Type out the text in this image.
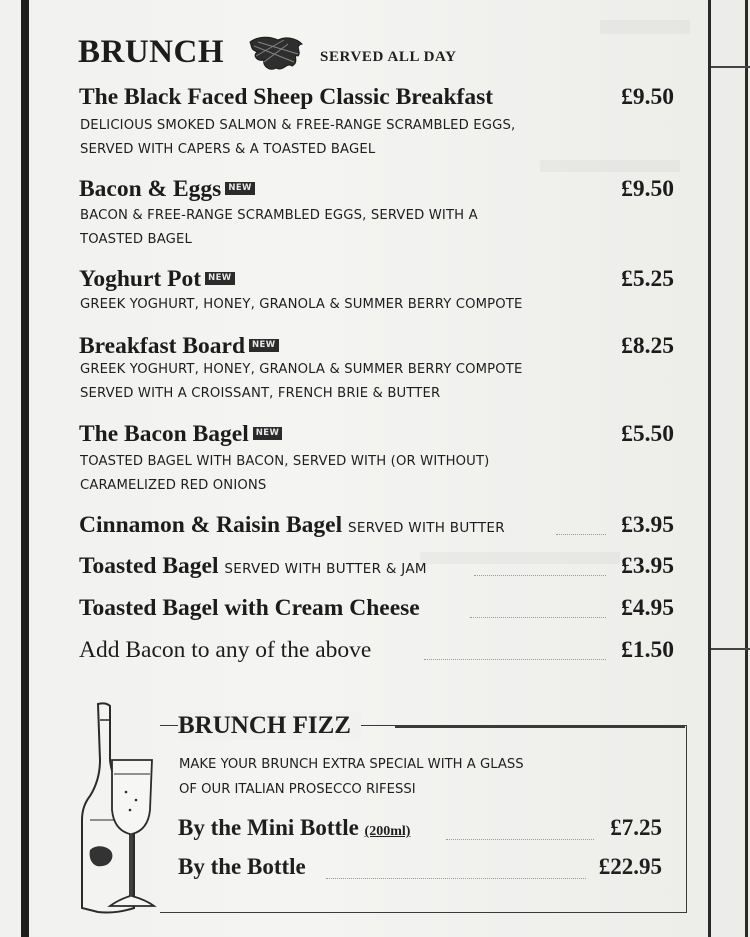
BRUNCH	SERVED ALL DAY
The Black Faced Sheep Classic Breakfast	£9.50
DELICIOUS SMOKED SALMON & FREE-RANGE SCRAMBLED EGGS,
SERVED WITH CAPERS & A TOASTED BAGEL
Bacon & Eggs NEW	£9.50
BACON & FREE-RANGE SCRAMBLED EGGS, SERVED WITH A
TOASTED BAGEL
Yoghurt Pot NEW	£5.25
GREEK YOGHURT, HONEY, GRANOLA & SUMMER BERRY COMPOTE
Breakfast Board NEW	£8.25
GREEK YOGHURT, HONEY, GRANOLA & SUMMER BERRY COMPOTE
SERVED WITH A CROISSANT, FRENCH BRIE & BUTTER
The Bacon Bagel NEW	£5.50
TOASTED BAGEL WITH BACON, SERVED WITH (OR WITHOUT)
CARAMELIZED RED ONIONS
Cinnamon & Raisin Bagel SERVED WITH BUTTER	£3.95
Toasted Bagel SERVED WITH BUTTER & JAM	£3.95
Toasted Bagel with Cream Cheese	£4.95
Add Bacon to any of the above	£1.50
BRUNCH FIZZ
MAKE YOUR BRUNCH EXTRA SPECIAL WITH A GLASS
OF OUR ITALIAN PROSECCO RIFESSI
By the Mini Bottle (200ml)	£7.25
By the Bottle	£22.95
